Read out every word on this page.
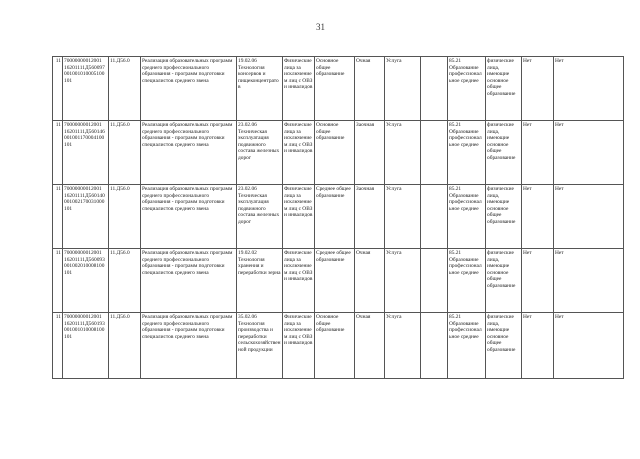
31
11	70000000012001 16201111Д560097 001001010005100 101	11.Д56.0	Реализация образовательных программ среднего профессионального образования - программ подготовки специалистов среднего звена	19.02.06 Технология консервов и пищеконцентратов	Физические лица за исключением лиц с ОВЗ и инвалидов	Основное общее образование	Очная	Услуга		85.21 Образование профессиональное среднее	физические лица, имеющие основное общее образование	Нет	Нет
11	70000000012001 16201111Д560146 001001170004100 101	11.Д56.0	Реализация образовательных программ среднего профессионального образования - программ подготовки специалистов среднего звена	23.02.06 Техническая эксплуатация подвижного состава железных дорог	Физические лица за исключением лиц с ОВЗ и инвалидов	Основное общее образование	Заочная	Услуга		85.21 Образование профессиональное среднее	физические лица, имеющие основное общее образование	Нет	Нет
11	70000000012001 16201111Д560140 001002170031000 101	11.Д56.0	Реализация образовательных программ среднего профессионального образования - программ подготовки специалистов среднего звена	23.02.06 Техническая эксплуатация подвижного состава железных дорог	Физические лица за исключением лиц с ОВЗ и инвалидов	Среднее общее образование	Заочная	Услуга		85.21 Образование профессиональное среднее	физические лица, имеющие основное общее образование	Нет	Нет
11	70000000012001 16201111Д560093 001002010008100 101	11.Д56.0	Реализация образовательных программ среднего профессионального образования - программ подготовки специалистов среднего звена	19.02.02 Технология хранения и переработки зерна	Физические лица за исключением лиц с ОВЗ и инвалидов	Среднее общее образование	Очная	Услуга		85.21 Образование профессиональное среднее	физические лица, имеющие основное общее образование	Нет	Нет
11	70000000012001 16201111Д560193 001001010008100 101	11.Д56.0	Реализация образовательных программ среднего профессионального образования - программ подготовки специалистов среднего звена	35.02.06 Технология производства и переработки сельскохозяйственной продукции	Физические лица за исключением лиц с ОВЗ и инвалидов	Основное общее образование	Очная	Услуга		85.21 Образование профессиональное среднее	физические лица, имеющие основное общее образование	Нет	Нет
